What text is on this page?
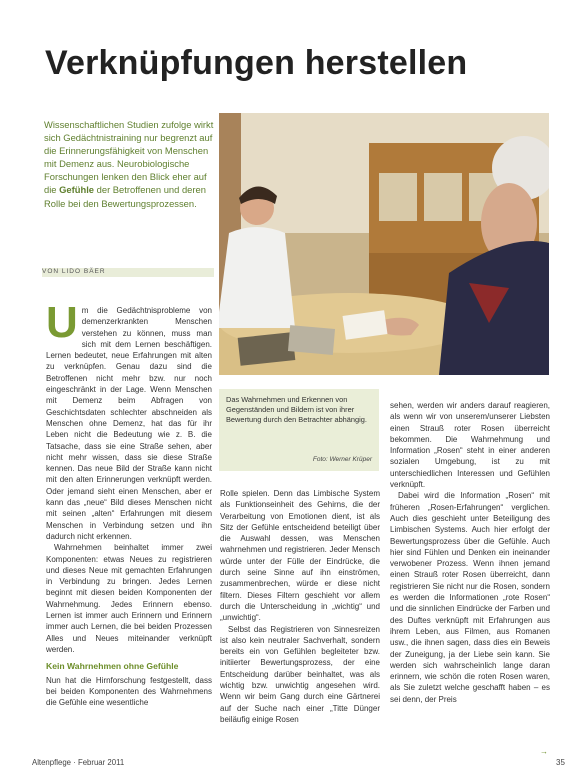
Verknüpfungen herstellen
Wissenschaftlichen Studien zufolge wirkt sich Gedächtnistraining nur begrenzt auf die Erinnerungsfähigkeit von Menschen mit Demenz aus. Neurobiologische Forschungen lenken den Blick eher auf die Gefühle der Betroffenen und deren Rolle bei den Bewertungsprozessen.
VON LIDO BÄER
U m die Gedächtnisprobleme von demenzerkrankten Menschen verstehen zu können, muss man sich mit dem Lernen beschäftigen. Lernen bedeutet, neue Erfahrungen mit alten zu verknüpfen. Genau dazu sind die Betroffenen nicht mehr bzw. nur noch eingeschränkt in der Lage. Wenn Menschen mit Demenz beim Abfragen von Geschichtsdaten schlechter abschneiden als Menschen ohne Demenz, hat das für ihr Leben nicht die Bedeutung wie z. B. die Tatsache, dass sie eine Straße sehen, aber nicht mehr wissen, dass sie diese Straße kennen. Das neue Bild der Straße kann nicht mit den alten Erinnerungen verknüpft werden. Oder jemand sieht einen Menschen, aber er kann das „neue“ Bild dieses Menschen nicht mit seinen „alten“ Erfahrungen mit diesem Menschen in Verbindung setzen und ihn dadurch nicht erkennen.

Wahrnehmen beinhaltet immer zwei Komponenten: etwas Neues zu registrieren und dieses Neue mit gemachten Erfahrungen in Verbindung zu bringen. Jedes Lernen beginnt mit diesen beiden Komponenten der Wahrnehmung. Jedes Erinnern ebenso. Lernen ist immer auch Erinnern und Erinnern immer auch Lernen, die bei beiden Prozessen Alles und Neues miteinander verknüpft werden.

Kein Wahrnehmen ohne Gefühle

Nun hat die Hirnforschung festgestellt, dass bei beiden Komponenten des Wahrnehmens die Gefühle eine wesentliche

Das Wahrnehmen und Erkennen von Gegenständen und Bildern ist von ihrer Bewertung durch den Betrachter abhängig.
Foto: Werner Krüper

Rolle spielen. Denn das Limbische System als Funktionseinheit des Gehirns, die der Verarbeitung von Emotionen dient, ist als Sitz der Gefühle entscheidend beteiligt über die Auswahl dessen, was Menschen wahrnehmen und registrieren. Jeder Mensch würde unter der Fülle der Eindrücke, die durch seine Sinne auf ihn einströmen, zusammenbrechen, würde er diese nicht filtern. Dieses Filtern geschieht vor allem durch die Unterscheidung in „wichtig“ und „unwichtig“.

Selbst das Registrieren von Sinnesreizen ist also kein neutraler Sachverhalt, sondern bereits ein von Gefühlen begleiteter bzw. initiierter Bewertungsprozess, der eine Entscheidung darüber beinhaltet, was als wichtig bzw. unwichtig angesehen wird. Wenn wir beim Gang durch eine Gärtnerei auf der Suche nach einer „Titte Dünger beiläufig einige Rosen

sehen, werden wir anders darauf reagieren, als wenn wir von unserem/unserer Liebsten einen Strauß roter Rosen überreicht bekommen. Die Wahrnehmung und Information „Rosen“ steht in einer anderen sozialen Umgebung, ist zu mit unterschiedlichen Interessen und Gefühlen verknüpft.

Dabei wird die Information „Rosen“ mit früheren „Rosen-Erfahrungen“ verglichen. Auch dies geschieht unter Beteiligung des Limbischen Systems. Auch hier erfolgt der Bewertungsprozess über die Gefühle. Auch hier sind Fühlen und Denken ein ineinander verwobener Prozess. Wenn ihnen jemand einen Strauß roter Rosen überreicht, dann registrieren Sie nicht nur die Rosen, sondern es werden die Informationen „rote Rosen“ und die sinnlichen Eindrücke der Farben und des Duftes verknüpft mit Erfahrungen aus ihrem Leben, aus Filmen, aus Romanen usw., die ihnen sagen, dass dies ein Beweis der Zuneigung, ja der Liebe sein kann. Sie werden sich wahrscheinlich lange daran erinnern, wie schön die roten Rosen waren, als Sie zuletzt welche geschafft haben – es sei denn, der Preis

→
Altenpflege · Februar 2011	35
